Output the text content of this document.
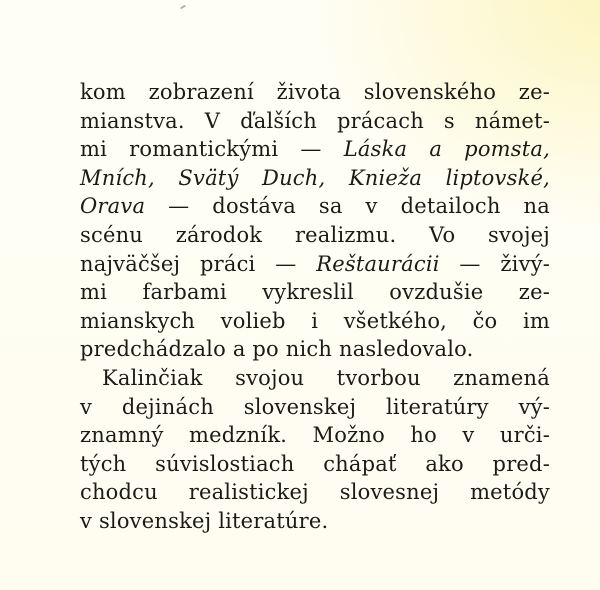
kom zobrazení života slovenského ze-
mianstva. V ďalších prácach s námet-
mi romantickými — Láska a pomsta,
Mních, Svätý Duch, Knieža liptovské,
Orava — dostáva sa v detailoch na
scénu zárodok realizmu. Vo svojej
najväčšej práci — Reštaurácii — živý-
mi farbami vykreslil ovzdušie ze-
mianskych volieb i všetkého, čo im
predchádzalo a po nich nasledovalo.
Kalinčiak svojou tvorbou znamená
v dejinách slovenskej literatúry vý-
znamný medzník. Možno ho v urči-
tých súvislostiach chápať ako pred-
chodcu realistickej slovesnej metódy
v slovenskej literatúre.
